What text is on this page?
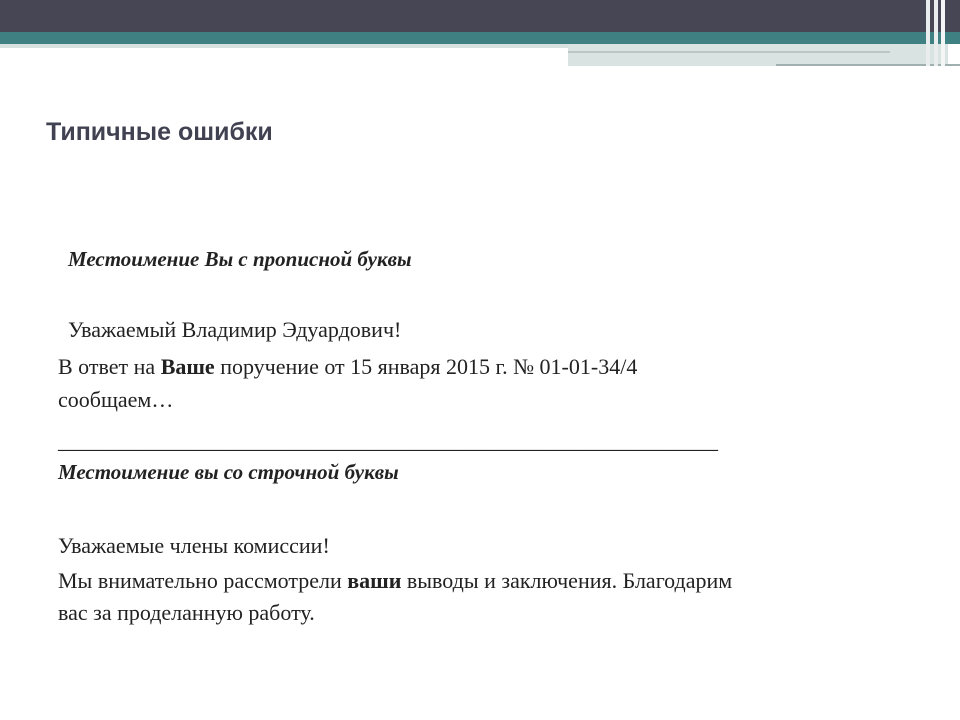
Типичные ошибки
Местоимение Вы с прописной буквы
Уважаемый Владимир Эдуардович!
В ответ на Ваше поручение от 15 января 2015 г. № 01-01-34/4
сообщаем…
____________________________________________________________
Местоимение вы со строчной буквы
Уважаемые члены комиссии!
Мы внимательно рассмотрели ваши выводы и заключения. Благодарим
вас за проделанную работу.
